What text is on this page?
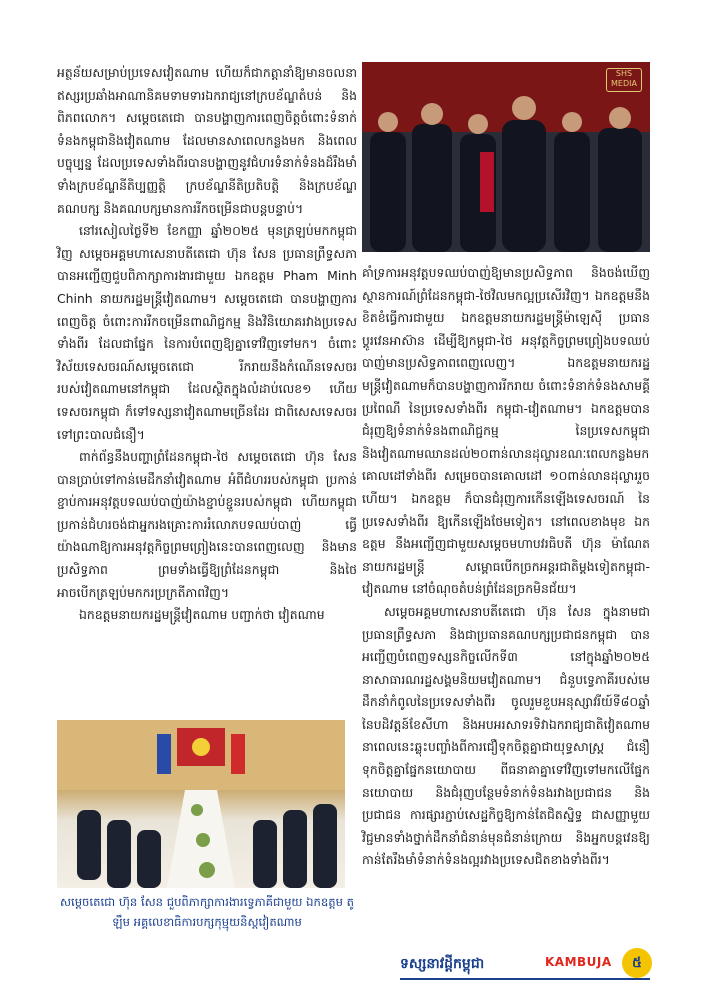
អត្ថន័យសម្រាប់ប្រទេសវៀតណាម ហើយក៏ជាកត្តានាំឱ្យមានចលនាឥស្សរប្រឆាំងអាណានិគមទាមទារឯករាជ្យនៅក្របខ័ណ្ឌតំបន់ និងពិភពលោក។ សម្តេចតេជោ បានបង្ហាញការពេញចិត្តចំពោះទំនាក់ទំនងកម្ពុជានិងវៀតណាម ដែលមានសាពេលកន្លងមក និងពេលបច្ចុប្បន្ន ដែលប្រទេសទាំងពីរបានបង្ហាញនូវជំហរទំនាក់ទំនងដ៏រឹងមាំទាំងក្របខ័ណ្ឌនីតិប្បញ្ញត្តិ ក្របខ័ណ្ឌនីតិប្រតិបត្តិ និងក្របខ័ណ្ឌគណបក្ស និងគណបក្សមានការរីកចម្រើនជាបន្តបន្ទាប់។

នៅរសៀលថ្ងៃទី២ ខែកញ្ញា ឆ្នាំ២០២៥ មុនត្រឡប់មកកម្ពុជាវិញ សម្តេចអគ្គមហាសេនាបតីតេជោ ហ៊ុន សែន ប្រធានព្រឹទ្ធសភា បានអញ្ជើញជួបពិភាក្សាការងារជាមួយ ឯកឧត្តម Pham Minh Chinh នាយករដ្ឋមន្ត្រីវៀតណាម។ សម្តេចតេជោ បានបង្ហាញការពេញចិត្ត ចំពោះការរីកចម្រើនពាណិជ្ជកម្ម និងវិនិយោគរវាងប្រទេសទាំងពីរ ដែលជាផ្នែក នៃការបំពេញឱ្យគ្នាទៅវិញទៅមក។ ចំពោះវិស័យទេសចរណ៍សម្តេចតេជោ រីករាយនឹងកំណើនទេសចររបស់វៀតណាមនៅកម្ពុជា ដែលស្ថិតក្នុងលំដាប់លេខ១ ហើយទេសចរកម្ពុជា ក៏ទៅទស្សនាវៀតណាមច្រើនដែរ ជាពិសេសទេសចរទៅព្រះបាលជំនឿ។

ពាក់ព័ន្ធនឹងបញ្ហាព្រំដែនកម្ពុជា-ថៃ សម្តេចតេជោ ហ៊ុន សែន បានប្រាប់ទៅកាន់មេដឹកនាំវៀតណាម អំពីជំហររបស់កម្ពុជា ប្រកាន់ខ្ជាប់ការអនុវត្តបទឈប់បាញ់យ៉ាងខ្ជាប់ខ្ជួនរបស់កម្ពុជា ហើយកម្ពុជាប្រកាន់ជំហរចង់ជាអ្នករងគ្រោះការរំលោភបទឈប់បាញ់ ធ្វើយ៉ាងណាឱ្យការអនុវត្តកិច្ចព្រមព្រៀងនេះបានពេញលេញ និងមានប្រសិទ្ធភាព ព្រមទាំងធ្វើឱ្យព្រំដែនកម្ពុជា និងថៃអាចបើកត្រឡប់មកករប្រក្រតីភាពវិញ។

ឯកឧត្តមនាយករដ្ឋមន្ត្រីវៀតណាម បញ្ជាក់ថា វៀតណាម

SHS MEDIA

គាំទ្រការអនុវត្តបទឈប់បាញ់ឱ្យមានប្រសិទ្ធភាព និងចង់ឃើញស្ថានការណ៍ព្រំដែនកម្ពុជា-ថៃវិលមកល្អប្រសើរវិញ។ ឯកឧត្តមនឹងខិតខំធ្វើការជាមួយ ឯកឧត្តមនាយករដ្ឋមន្ត្រីម៉ាឡេស៊ី ប្រធានប្តូរវេនអាស៊ាន ដើម្បីឱ្យកម្ពុជា-ថៃ អនុវត្តកិច្ចព្រមព្រៀងបទឈប់បាញ់មានប្រសិទ្ធភាពពេញលេញ។ ឯកឧត្តមនាយករដ្ឋមន្ត្រីវៀតណាមក៏បានបង្ហាញការរីករាយ ចំពោះទំនាក់ទំនងសាមគ្គីប្រពៃណី នៃប្រទេសទាំងពីរ កម្ពុជា-វៀតណាម។ ឯកឧត្តមបានជំរុញឱ្យទំនាក់ទំនងពាណិជ្ជកម្ម នៃប្រទេសកម្ពុជា និងវៀតណាមឈានដល់២០ពាន់លានដុល្លារខណៈពេលកន្លងមកគោលដៅទាំងពីរ សម្រេចបានគោលដៅ ១០ពាន់លានដុល្លាររួចហើយ។ ឯកឧត្តម ក៏បានជំរុញការកើនឡើងទេសចរណ៍ នៃប្រទេសទាំងពីរ ឱ្យកើនឡើងថែមទៀត។ នៅពេលខាងមុខ ឯកឧត្តម នឹងអញ្ជើញជាមួយសម្តេចមហាបវរធិបតី ហ៊ុន ម៉ាណែត នាយករដ្ឋមន្ត្រី សម្ពោធបើកច្រកអន្តរជាតិម្តងទៀតកម្ពុជា-វៀតណាម នៅចំណុចតំបន់ព្រំដែនច្រកមិនជ័យ។

សម្តេចអគ្គមហាសេនាបតីតេជោ ហ៊ុន សែន ក្នុងនាមជាប្រធានព្រឹទ្ធសភា និងជាប្រធានគណបក្សប្រជាជនកម្ពុជា បានអញ្ជើញបំពេញទស្សនកិច្ចលើកទី៣ នៅក្នុងឆ្នាំ២០២៥ នាសាធារណរដ្ឋសង្គមនិយមវៀតណាម។ ជំនួបទ្វេភាគីរបស់មេដឹកនាំកំពូលនៃប្រទេសទាំងពីរ ចូលរួមខួបអនុស្សាវរីយ៍ទី៨០ឆ្នាំ នៃបដិវត្តន៍ខែសីហា និងអបអរសាទរទិវាឯករាជ្យជាតិវៀតណាម នាពេលនេះឆ្លុះបញ្ចាំងពីការជឿទុកចិត្តគ្នាជាយុទ្ធសាស្ត្រ ជំនឿទុកចិត្តគ្នាផ្នែកនយោបាយ ពីធនាគាគ្នាទៅវិញទៅមកលើផ្នែកនយោបាយ និងជំរុញបន្ថែមទំនាក់ទំនងរវាងប្រជាជន និងប្រជាជន ការផ្សារភ្ជាប់សេដ្ឋកិច្ចឱ្យកាន់តែជិតស្និទ្ធ ជាសញ្ញាមួយវិជ្ជមានទាំងថ្នាក់ដឹកនាំជំនាន់មុនជំនាន់ក្រោយ និងអ្នកបន្តវេនឱ្យកាន់តែរឹងមាំទំនាក់ទំនងល្អរវាងប្រទេសជិតខាងទាំងពីរ។

សម្តេចតេជោ ហ៊ុន សែន ជួបពិភាក្សាការងារទ្វេភាគីជាមួយ ឯកឧត្តម តូ ឡឹម អគ្គលេខាធិការបក្សកុម្មុយនិស្តវៀតណាម
ទស្សនាវដ្តីកម្ពុជា	KAMBUJA	៥
